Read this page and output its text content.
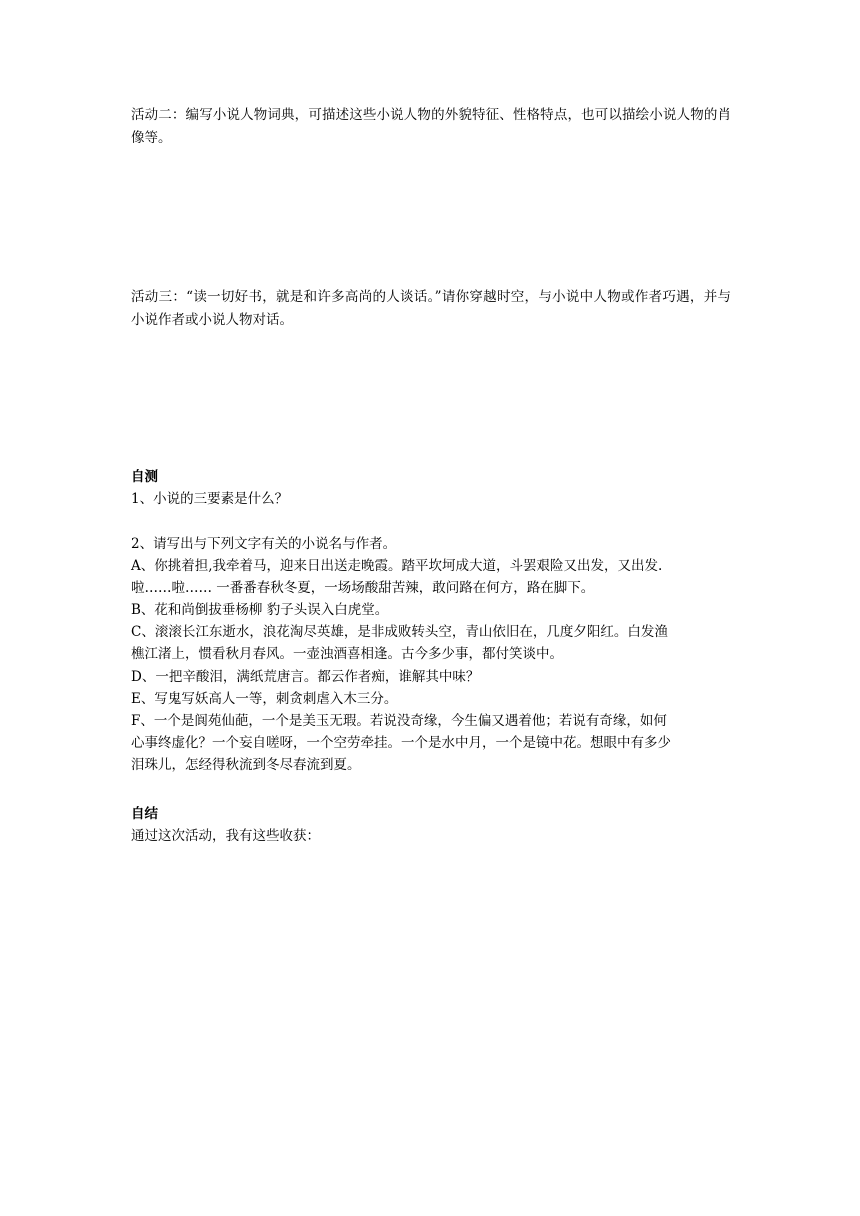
活动二：编写小说人物词典，可描述这些小说人物的外貌特征、性格特点，也可以描绘小说人物的肖像等。

活动三：“读一切好书，就是和许多高尚的人谈话。”请你穿越时空，与小说中人物或作者巧遇，并与小说作者或小说人物对话。

自测
1、小说的三要素是什么？
2、请写出与下列文字有关的小说名与作者。
A、你挑着担,我牵着马，迎来日出送走晚霞。踏平坎坷成大道，斗罢艰险又出发，又出发.
啦……啦…… 一番番春秋冬夏，一场场酸甜苦辣，敢问路在何方，路在脚下。
B、花和尚倒拔垂杨柳 豹子头误入白虎堂。
C、滚滚长江东逝水，浪花淘尽英雄，是非成败转头空，青山依旧在，几度夕阳红。白发渔
樵江渚上，惯看秋月春风。一壶浊酒喜相逢。古今多少事，都付笑谈中。
D、一把辛酸泪，满纸荒唐言。都云作者痴，谁解其中味？
E、写鬼写妖高人一等，刺贪刺虐入木三分。
F、一个是阆苑仙葩，一个是美玉无瑕。若说没奇缘，今生偏又遇着他；若说有奇缘，如何
心事终虚化？一个妄自嗟呀，一个空劳牵挂。一个是水中月，一个是镜中花。想眼中有多少
泪珠儿，怎经得秋流到冬尽春流到夏。
自结
通过这次活动，我有这些收获：
